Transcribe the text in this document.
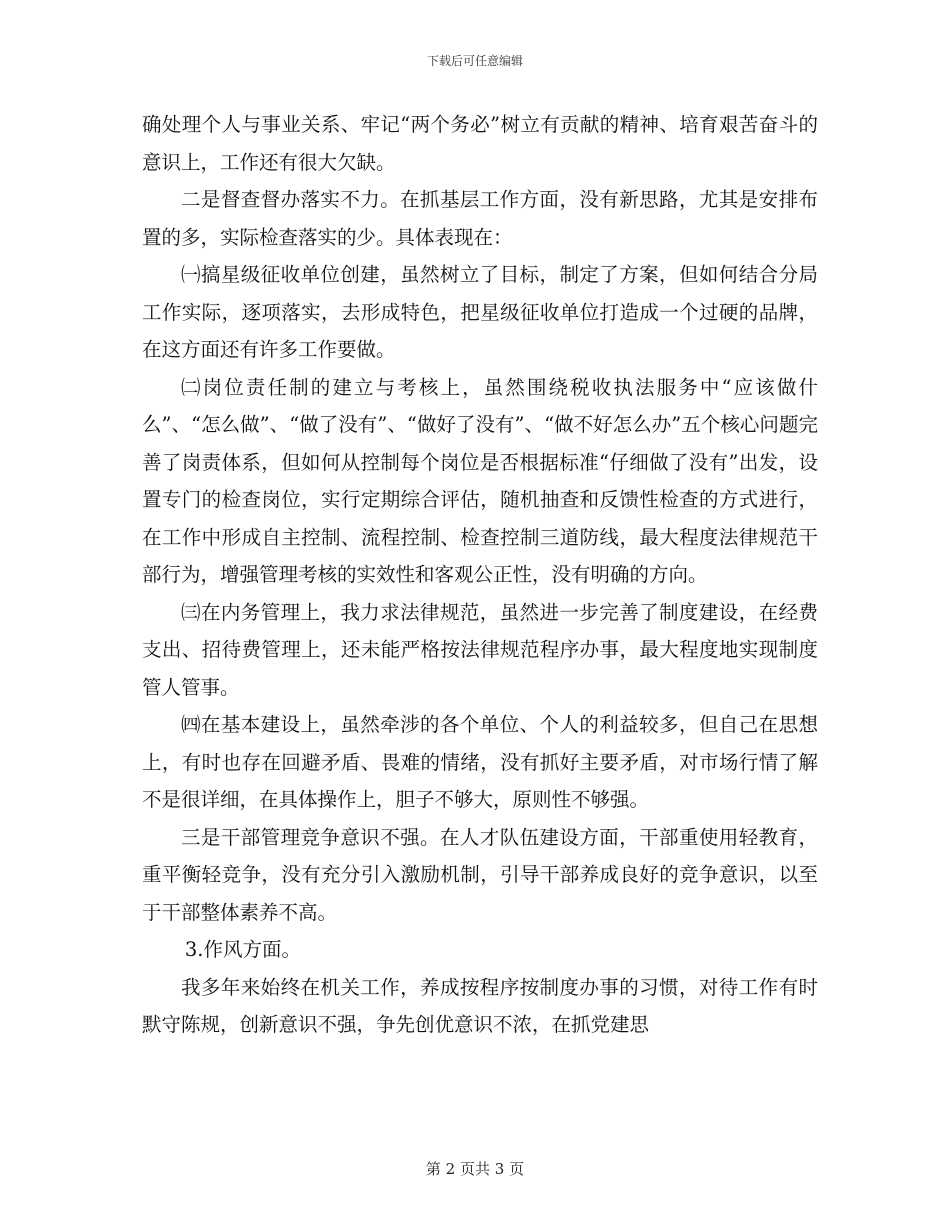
下载后可任意编辑

确处理个人与事业关系、牢记“两个务必”树立有贡献的精神、培育艰苦奋斗的意识上，工作还有很大欠缺。

二是督查督办落实不力。在抓基层工作方面，没有新思路，尤其是安排布置的多，实际检查落实的少。具体表现在：

㈠搞星级征收单位创建，虽然树立了目标，制定了方案，但如何结合分局工作实际，逐项落实，去形成特色，把星级征收单位打造成一个过硬的品牌，在这方面还有许多工作要做。

㈡岗位责任制的建立与考核上，虽然围绕税收执法服务中“应该做什么”、“怎么做”、“做了没有”、“做好了没有”、“做不好怎么办”五个核心问题完善了岗责体系，但如何从控制每个岗位是否根据标准“仔细做了没有”出发，设置专门的检查岗位，实行定期综合评估，随机抽查和反馈性检查的方式进行，在工作中形成自主控制、流程控制、检查控制三道防线，最大程度法律规范干部行为，增强管理考核的实效性和客观公正性，没有明确的方向。

㈢在内务管理上，我力求法律规范，虽然进一步完善了制度建设，在经费支出、招待费管理上，还未能严格按法律规范程序办事，最大程度地实现制度管人管事。

㈣在基本建设上，虽然牵涉的各个单位、个人的利益较多，但自己在思想上，有时也存在回避矛盾、畏难的情绪，没有抓好主要矛盾，对市场行情了解不是很详细，在具体操作上，胆子不够大，原则性不够强。

三是干部管理竞争意识不强。在人才队伍建设方面，干部重使用轻教育，重平衡轻竞争，没有充分引入激励机制，引导干部养成良好的竞争意识，以至于干部整体素养不高。

3.作风方面。

我多年来始终在机关工作，养成按程序按制度办事的习惯，对待工作有时默守陈规，创新意识不强，争先创优意识不浓，在抓党建思

第 2 页共 3 页
